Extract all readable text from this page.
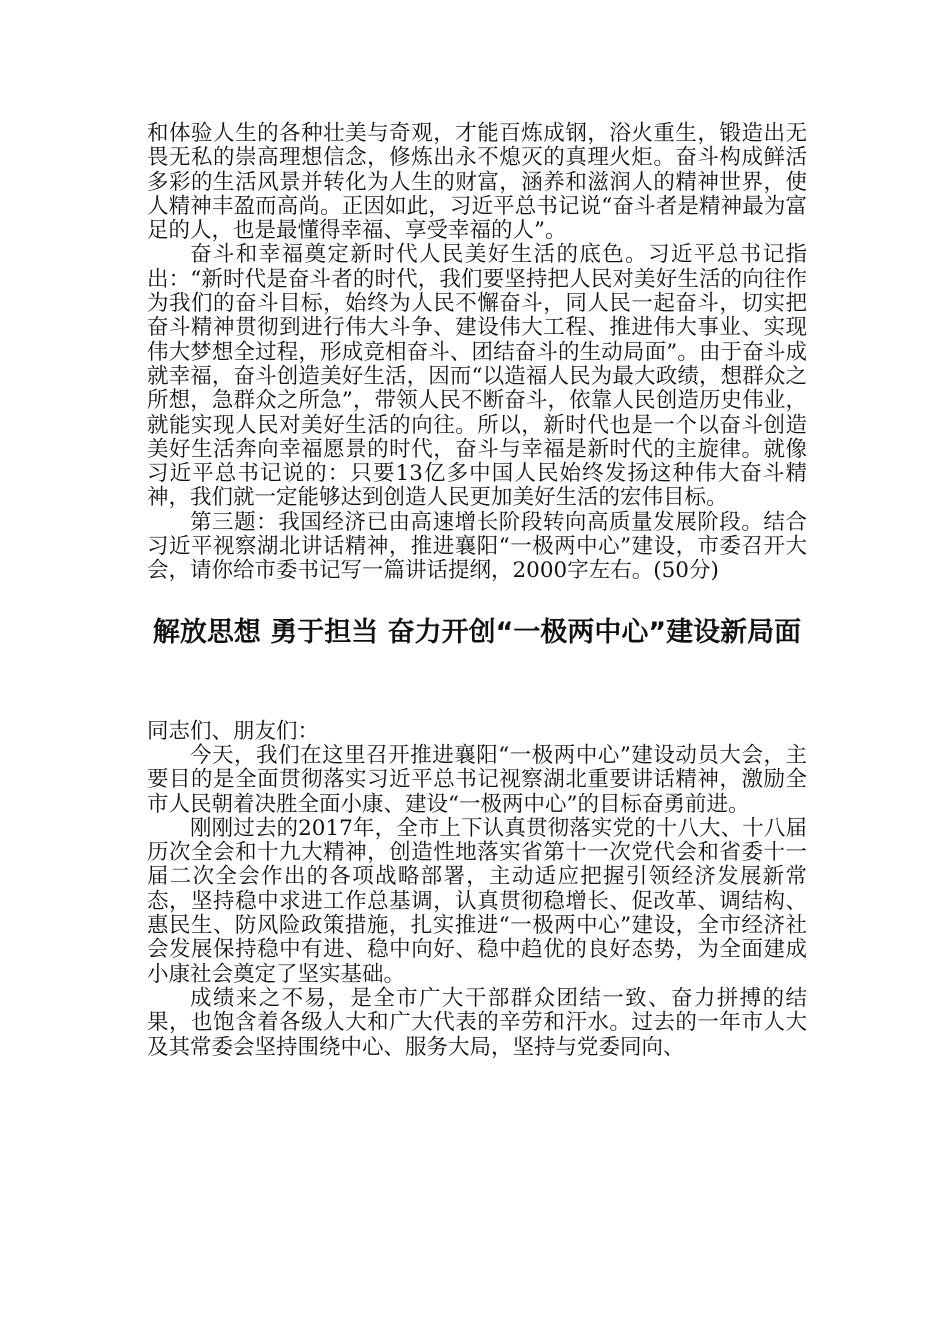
和体验人生的各种壮美与奇观，才能百炼成钢，浴火重生，锻造出无畏无私的崇高理想信念，修炼出永不熄灭的真理火炬。奋斗构成鲜活多彩的生活风景并转化为人生的财富，涵养和滋润人的精神世界，使人精神丰盈而高尚。正因如此，习近平总书记说“奋斗者是精神最为富足的人，也是最懂得幸福、享受幸福的人”。

奋斗和幸福奠定新时代人民美好生活的底色。习近平总书记指出：“新时代是奋斗者的时代，我们要坚持把人民对美好生活的向往作为我们的奋斗目标，始终为人民不懈奋斗，同人民一起奋斗，切实把奋斗精神贯彻到进行伟大斗争、建设伟大工程、推进伟大事业、实现伟大梦想全过程，形成竞相奋斗、团结奋斗的生动局面”。由于奋斗成就幸福，奋斗创造美好生活，因而“以造福人民为最大政绩，想群众之所想，急群众之所急”，带领人民不断奋斗，依靠人民创造历史伟业，就能实现人民对美好生活的向往。所以，新时代也是一个以奋斗创造美好生活奔向幸福愿景的时代，奋斗与幸福是新时代的主旋律。就像习近平总书记说的：只要13亿多中国人民始终发扬这种伟大奋斗精神，我们就一定能够达到创造人民更加美好生活的宏伟目标。

第三题：我国经济已由高速增长阶段转向高质量发展阶段。结合习近平视察湖北讲话精神，推进襄阳“一极两中心”建设，市委召开大会，请你给市委书记写一篇讲话提纲，2000字左右。(50分)

解放思想 勇于担当 奋力开创“一极两中心”建设新局面

同志们、朋友们：

今天，我们在这里召开推进襄阳“一极两中心”建设动员大会，主要目的是全面贯彻落实习近平总书记视察湖北重要讲话精神，激励全市人民朝着决胜全面小康、建设“一极两中心”的目标奋勇前进。

刚刚过去的2017年，全市上下认真贯彻落实党的十八大、十八届历次全会和十九大精神，创造性地落实省第十一次党代会和省委十一届二次全会作出的各项战略部署，主动适应把握引领经济发展新常态，坚持稳中求进工作总基调，认真贯彻稳增长、促改革、调结构、惠民生、防风险政策措施，扎实推进“一极两中心”建设，全市经济社会发展保持稳中有进、稳中向好、稳中趋优的良好态势，为全面建成小康社会奠定了坚实基础。

成绩来之不易，是全市广大干部群众团结一致、奋力拼搏的结果，也饱含着各级人大和广大代表的辛劳和汗水。过去的一年市人大及其常委会坚持围绕中心、服务大局，坚持与党委同向、
